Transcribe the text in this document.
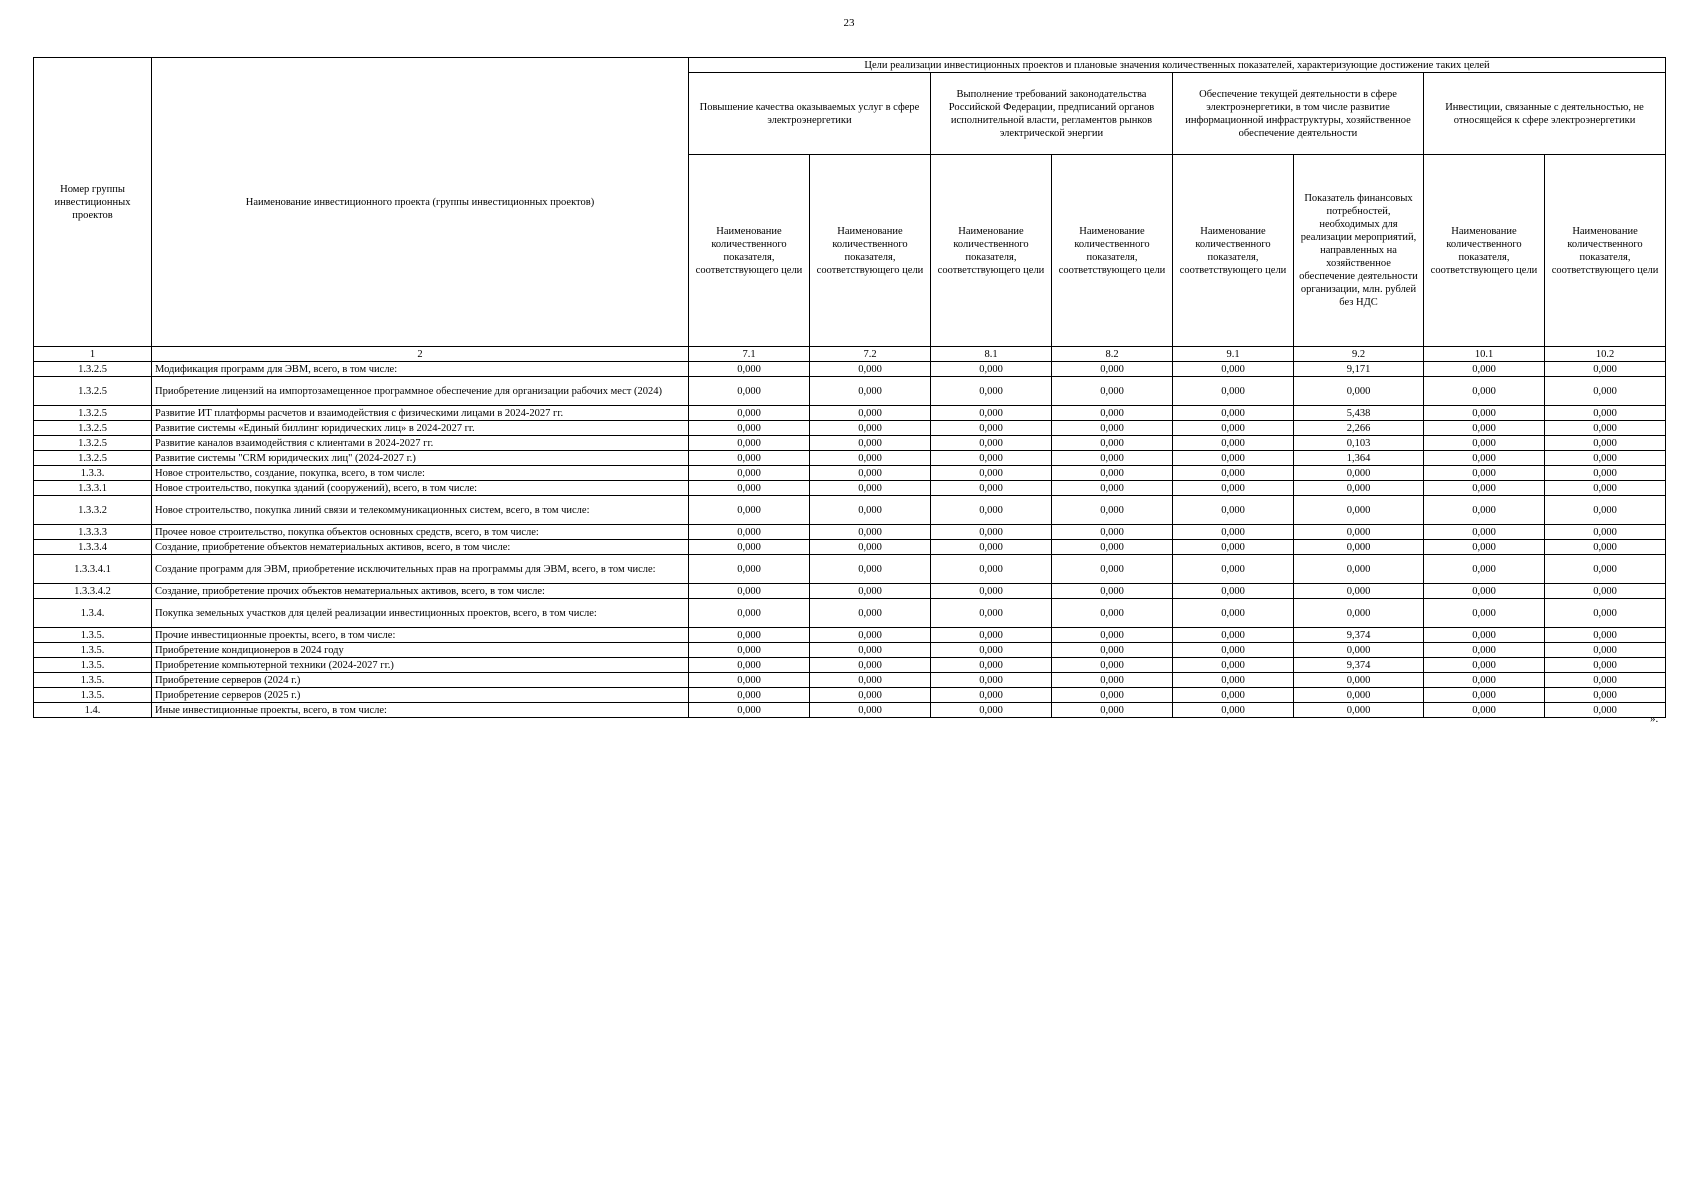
23
Номер группы инвестиционных проектов	Наименование инвестиционного проекта (группы инвестиционных проектов)	Цели реализации инвестиционных проектов и плановые значения количественных показателей, характеризующие достижение таких целей							
		Повышение качества оказываемых услуг в сфере электроэнергетики		Выполнение требований законодательства Российской Федерации, предписаний органов исполнительной власти, регламентов рынков электрической энергии		Обеспечение текущей деятельности в сфере электроэнергетики, в том числе развитие информационной инфраструктуры, хозяйственное обеспечение деятельности		Инвестиции, связанные с деятельностью, не относящейся к сфере электроэнергетики	
		Наименование количественного показателя, соответствующего цели	Наименование количественного показателя, соответствующего цели	Наименование количественного показателя, соответствующего цели	Наименование количественного показателя, соответствующего цели	Наименование количественного показателя, соответствующего цели	Показатель финансовых потребностей, необходимых для реализации мероприятий, направленных на хозяйственное обеспечение деятельности организации, млн. рублей без НДС	Наименование количественного показателя, соответствующего цели	Наименование количественного показателя, соответствующего цели
1	2	7.1	7.2	8.1	8.2	9.1	9.2	10.1	10.2
1.3.2.5	Модификация программ для ЭВМ, всего, в том числе:	0,000	0,000	0,000	0,000	0,000	9,171	0,000	0,000
1.3.2.5	Приобретение лицензий на импортозамещенное программное обеспечение для организации рабочих мест (2024)	0,000	0,000	0,000	0,000	0,000	0,000	0,000	0,000
1.3.2.5	Развитие ИТ платформы расчетов и взаимодействия с физическими лицами в 2024-2027 гг.	0,000	0,000	0,000	0,000	0,000	5,438	0,000	0,000
1.3.2.5	Развитие системы «Единый биллинг юридических лиц» в 2024-2027 гг.	0,000	0,000	0,000	0,000	0,000	2,266	0,000	0,000
1.3.2.5	Развитие каналов взаимодействия с клиентами в 2024-2027 гг.	0,000	0,000	0,000	0,000	0,000	0,103	0,000	0,000
1.3.2.5	Развитие системы "CRM юридических лиц" (2024-2027 г.)	0,000	0,000	0,000	0,000	0,000	1,364	0,000	0,000
1.3.3.	Новое строительство, создание, покупка, всего, в том числе:	0,000	0,000	0,000	0,000	0,000	0,000	0,000	0,000
1.3.3.1	Новое строительство, покупка зданий (сооружений), всего, в том числе:	0,000	0,000	0,000	0,000	0,000	0,000	0,000	0,000
1.3.3.2	Новое строительство, покупка линий связи и телекоммуникационных систем, всего, в том числе:	0,000	0,000	0,000	0,000	0,000	0,000	0,000	0,000
1.3.3.3	Прочее новое строительство, покупка объектов основных средств, всего, в том числе:	0,000	0,000	0,000	0,000	0,000	0,000	0,000	0,000
1.3.3.4	Создание, приобретение объектов нематериальных активов, всего, в том числе:	0,000	0,000	0,000	0,000	0,000	0,000	0,000	0,000
1.3.3.4.1	Создание программ для ЭВМ, приобретение исключительных прав на программы для ЭВМ, всего, в том числе:	0,000	0,000	0,000	0,000	0,000	0,000	0,000	0,000
1.3.3.4.2	Создание, приобретение прочих объектов нематериальных активов, всего, в том числе:	0,000	0,000	0,000	0,000	0,000	0,000	0,000	0,000
1.3.4.	Покупка земельных участков для целей реализации инвестиционных проектов, всего, в том числе:	0,000	0,000	0,000	0,000	0,000	0,000	0,000	0,000
1.3.5.	Прочие инвестиционные проекты, всего, в том числе:	0,000	0,000	0,000	0,000	0,000	9,374	0,000	0,000
1.3.5.	Приобретение кондиционеров в 2024 году	0,000	0,000	0,000	0,000	0,000	0,000	0,000	0,000
1.3.5.	Приобретение компьютерной техники (2024-2027 гг.)	0,000	0,000	0,000	0,000	0,000	9,374	0,000	0,000
1.3.5.	Приобретение серверов (2024 г.)	0,000	0,000	0,000	0,000	0,000	0,000	0,000	0,000
1.3.5.	Приобретение серверов (2025 г.)	0,000	0,000	0,000	0,000	0,000	0,000	0,000	0,000
1.4.	Иные инвестиционные проекты, всего, в том числе:	0,000	0,000	0,000	0,000	0,000	0,000	0,000	0,000
».
